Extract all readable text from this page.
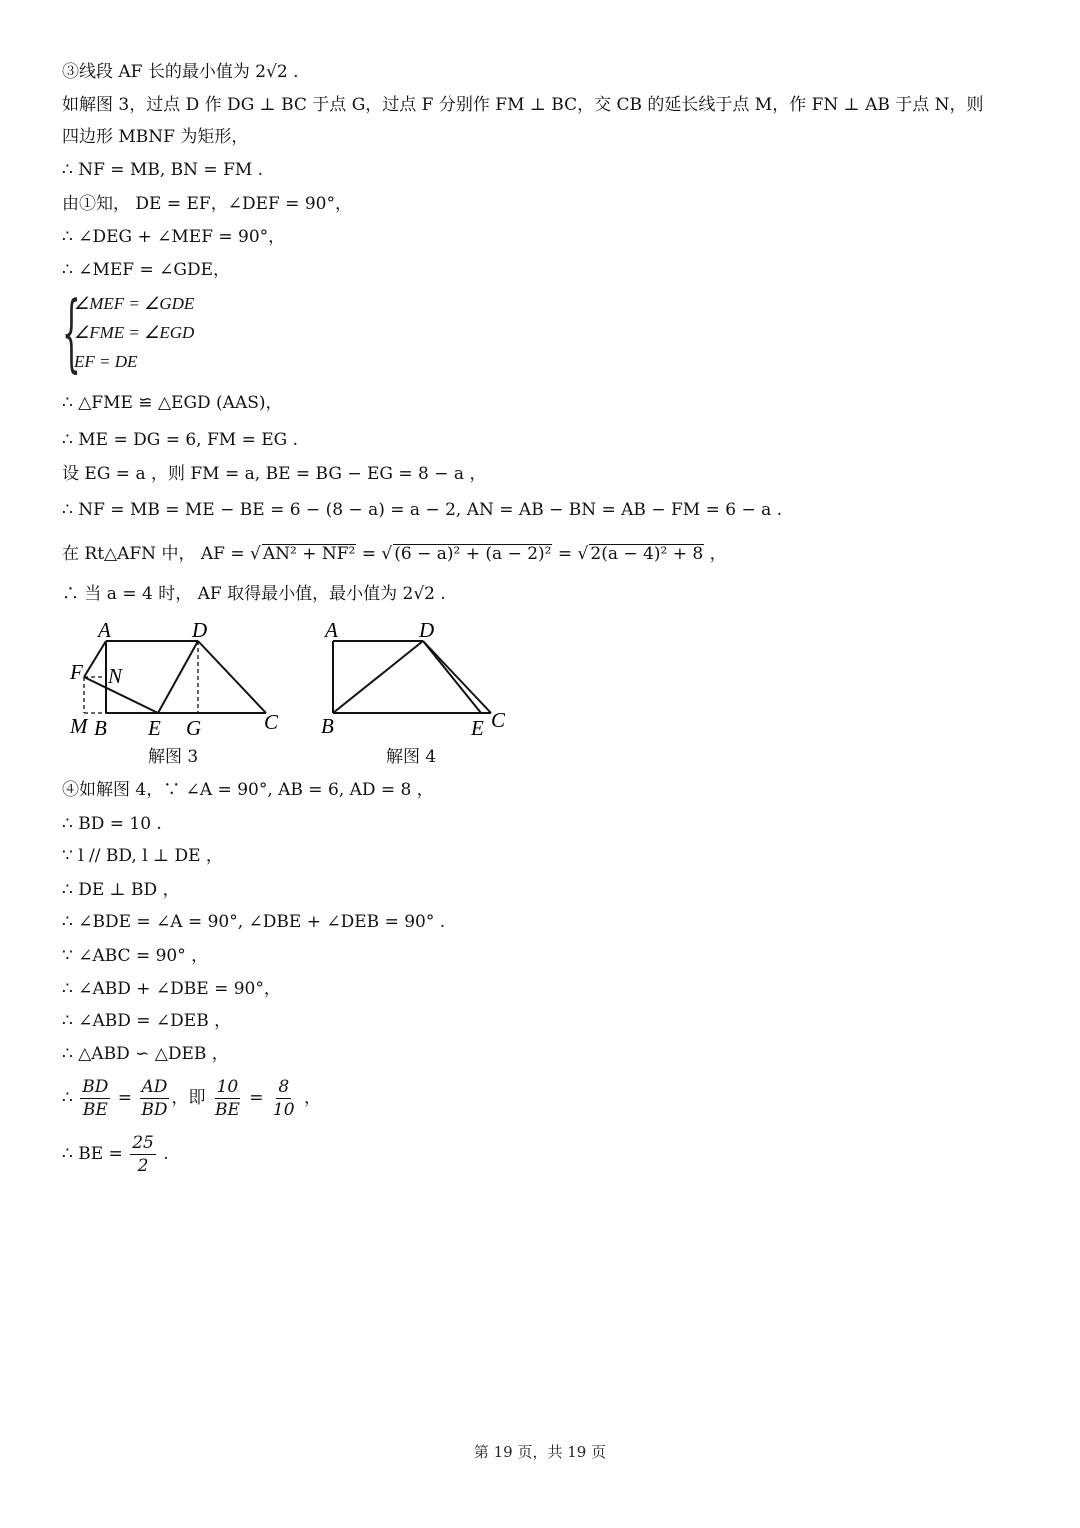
③线段 AF 长的最小值为 2√2 .
如解图 3，过点 D 作 DG ⊥ BC 于点 G，过点 F 分别作 FM ⊥ BC，交 CB 的延长线于点 M，作 FN ⊥ AB 于点 N，则
四边形 MBNF 为矩形，
∴ NF = MB, BN = FM .
由①知， DE = EF，∠DEF = 90°，
∴ ∠DEG + ∠MEF = 90°，
∴ ∠MEF = ∠GDE，
{
∠MEF = ∠GDE
∠FME = ∠EGD
EF = DE
∴ △FME ≌ △EGD (AAS)，
∴ ME = DG = 6, FM = EG .
设 EG = a ，则 FM = a, BE = BG − EG = 8 − a ，
∴ NF = MB = ME − BE = 6 − (8 − a) = a − 2, AN = AB − BN = AB − FM = 6 − a .
在 Rt△AFN 中， AF = √ AN² + NF² = √ (6 − a)² + (a − 2)² = √ 2(a − 4)² + 8 ，
∴ 当 a = 4 时， AF 取得最小值，最小值为 2√2 .
A	D
F N
M B E G	C
解图 3
A	D
B	E C
解图 4
④如解图 4，∵ ∠A = 90°, AB = 6, AD = 8 ，
∴ BD = 10 .
∵ l // BD, l ⊥ DE ，
∴ DE ⊥ BD ，
∴ ∠BDE = ∠A = 90°, ∠DBE + ∠DEB = 90° .
∵ ∠ABC = 90° ，
∴ ∠ABD + ∠DBE = 90°，
∴ ∠ABD = ∠DEB ，
∴ △ABD ∽ △DEB ，
∴ $\frac{BD}{BE} = \frac{AD}{BD}$ ，即 $\frac{10}{BE} = \frac{8}{10}$ ，
∴ BE = $\frac{25}{2}$ .
第 19 页，共 19 页
